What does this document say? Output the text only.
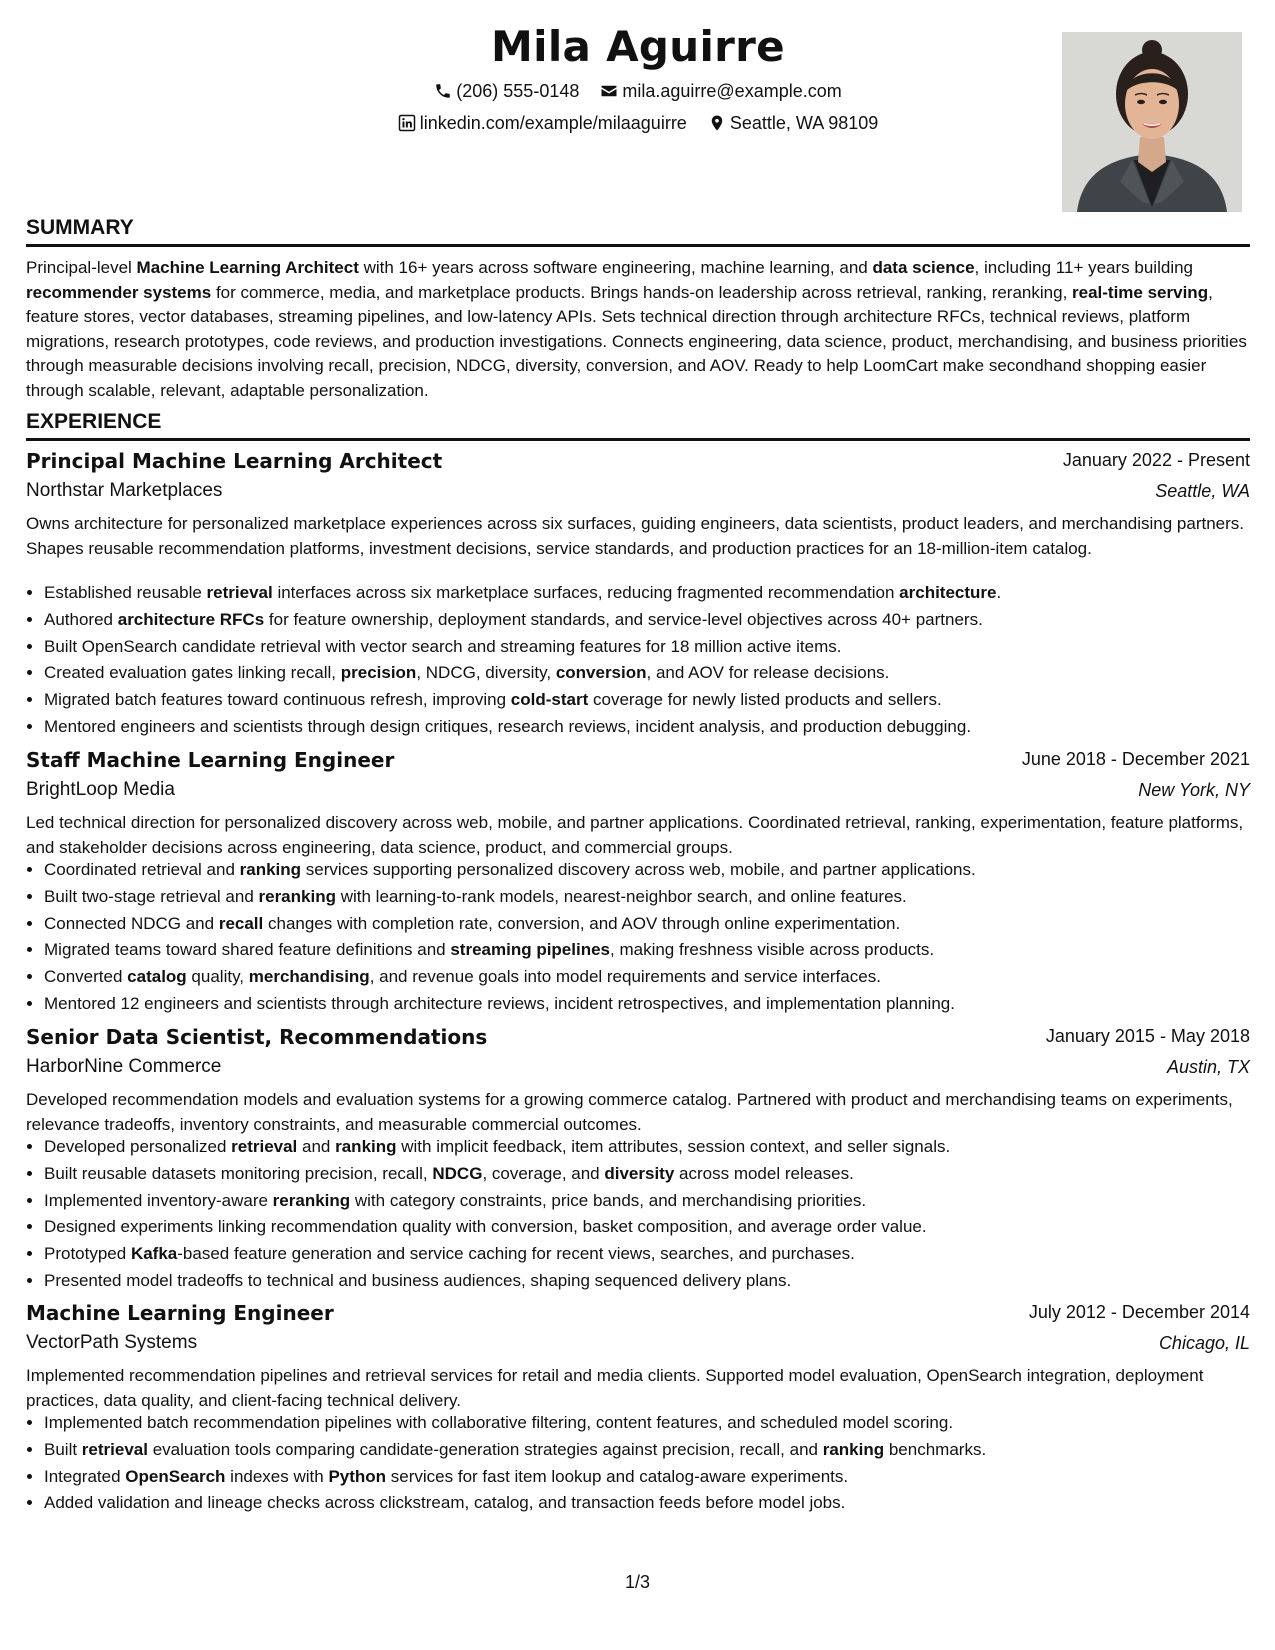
Mila Aguirre
(206) 555-0148
mila.aguirre@example.com
linkedin.com/example/milaaguirre
Seattle, WA 98109
SUMMARY
Principal-level Machine Learning Architect with 16+ years across software engineering, machine learning, and data science, including 11+ years building recommender systems for commerce, media, and marketplace products. Brings hands-on leadership across retrieval, ranking, reranking, real-time serving, feature stores, vector databases, streaming pipelines, and low-latency APIs. Sets technical direction through architecture RFCs, technical reviews, platform migrations, research prototypes, code reviews, and production investigations. Connects engineering, data science, product, merchandising, and business priorities through measurable decisions involving recall, precision, NDCG, diversity, conversion, and AOV. Ready to help LoomCart make secondhand shopping easier through scalable, relevant, adaptable personalization.
EXPERIENCE
Principal Machine Learning Architect	January 2022 - Present
Northstar Marketplaces	Seattle, WA
Owns architecture for personalized marketplace experiences across six surfaces, guiding engineers, data scientists, product leaders, and merchandising partners. Shapes reusable recommendation platforms, investment decisions, service standards, and production practices for an 18-million-item catalog.
• Established reusable retrieval interfaces across six marketplace surfaces, reducing fragmented recommendation architecture.
• Authored architecture RFCs for feature ownership, deployment standards, and service-level objectives across 40+ partners.
• Built OpenSearch candidate retrieval with vector search and streaming features for 18 million active items.
• Created evaluation gates linking recall, precision, NDCG, diversity, conversion, and AOV for release decisions.
• Migrated batch features toward continuous refresh, improving cold-start coverage for newly listed products and sellers.
• Mentored engineers and scientists through design critiques, research reviews, incident analysis, and production debugging.
Staff Machine Learning Engineer	June 2018 - December 2021
BrightLoop Media	New York, NY
Led technical direction for personalized discovery across web, mobile, and partner applications. Coordinated retrieval, ranking, experimentation, feature platforms, and stakeholder decisions across engineering, data science, product, and commercial groups.
• Coordinated retrieval and ranking services supporting personalized discovery across web, mobile, and partner applications.
• Built two-stage retrieval and reranking with learning-to-rank models, nearest-neighbor search, and online features.
• Connected NDCG and recall changes with completion rate, conversion, and AOV through online experimentation.
• Migrated teams toward shared feature definitions and streaming pipelines, making freshness visible across products.
• Converted catalog quality, merchandising, and revenue goals into model requirements and service interfaces.
• Mentored 12 engineers and scientists through architecture reviews, incident retrospectives, and implementation planning.
Senior Data Scientist, Recommendations	January 2015 - May 2018
HarborNine Commerce	Austin, TX
Developed recommendation models and evaluation systems for a growing commerce catalog. Partnered with product and merchandising teams on experiments, relevance tradeoffs, inventory constraints, and measurable commercial outcomes.
• Developed personalized retrieval and ranking with implicit feedback, item attributes, session context, and seller signals.
• Built reusable datasets monitoring precision, recall, NDCG, coverage, and diversity across model releases.
• Implemented inventory-aware reranking with category constraints, price bands, and merchandising priorities.
• Designed experiments linking recommendation quality with conversion, basket composition, and average order value.
• Prototyped Kafka-based feature generation and service caching for recent views, searches, and purchases.
• Presented model tradeoffs to technical and business audiences, shaping sequenced delivery plans.
Machine Learning Engineer	July 2012 - December 2014
VectorPath Systems	Chicago, IL
Implemented recommendation pipelines and retrieval services for retail and media clients. Supported model evaluation, OpenSearch integration, deployment practices, data quality, and client-facing technical delivery.
• Implemented batch recommendation pipelines with collaborative filtering, content features, and scheduled model scoring.
• Built retrieval evaluation tools comparing candidate-generation strategies against precision, recall, and ranking benchmarks.
• Integrated OpenSearch indexes with Python services for fast item lookup and catalog-aware experiments.
• Added validation and lineage checks across clickstream, catalog, and transaction feeds before model jobs.
1/3
